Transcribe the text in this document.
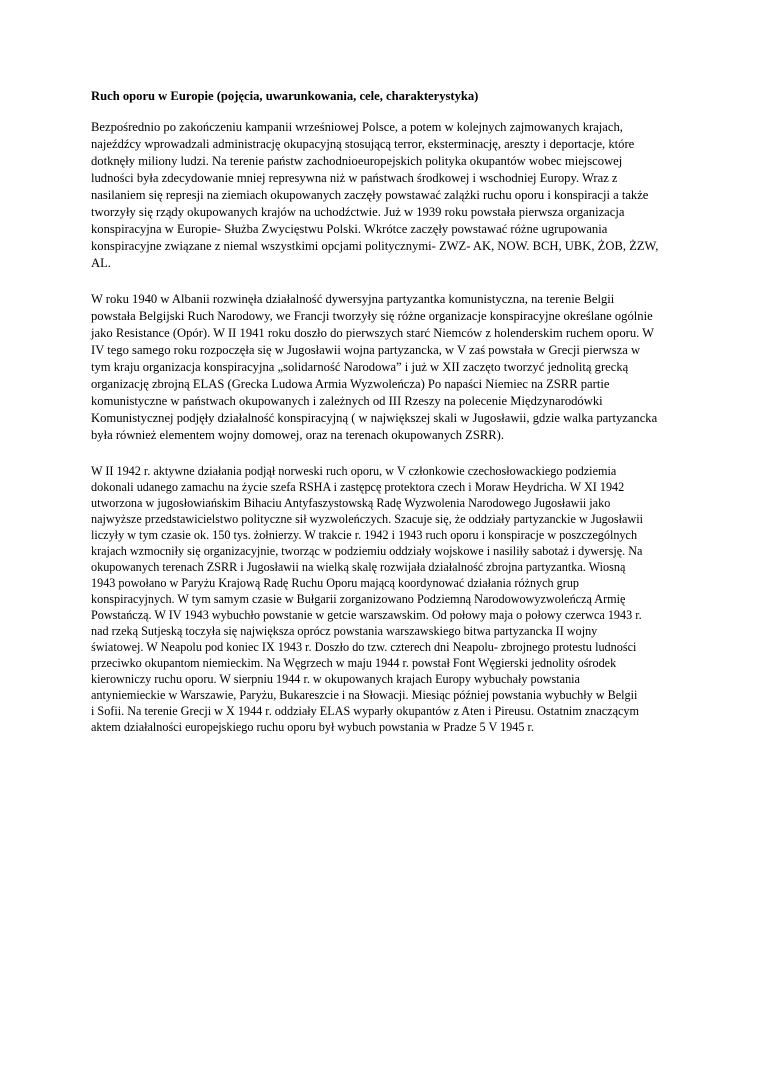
Ruch oporu w Europie (pojęcia, uwarunkowania, cele, charakterystyka)
Bezpośrednio po zakończeniu kampanii wrześniowej Polsce, a potem w kolejnych zajmowanych krajach,
najeźdźcy wprowadzali administrację okupacyjną stosującą terror, eksterminację, aresztу i deportacje, które
dotknęły miliony ludzi. Na terenie państw zachodnioeuropejskich polityka okupantów wobec miejscowej
ludności była zdecydowanie mniej represywna niż w państwach środkowej i wschodniej Europy. Wraz z
nasilaniem się represji na ziemiach okupowanych zaczęły powstawać zalążki ruchu oporu i konspiracji a także
tworzyły się rządy okupowanych krajów na uchodźctwie. Już w 1939 roku powstała pierwsza organizacja
konspiracyjna w Europie- Służba Zwycięstwu Polski. Wkrótce zaczęły powstawać różne ugrupowania
konspiracyjne związane z niemal wszystkimi opcjami politycznymi- ZWZ- AK, NOW. BCH, UBK, ŻOB, ŻZW,
AL.
W roku 1940 w Albanii rozwinęła działalność dywersyjna partyzantka komunistyczna, na terenie Belgii
powstała Belgijski Ruch Narodowy, we Francji tworzyły się różne organizacje konspiracyjne określane ogólnie
jako Resistance (Opór). W II 1941 roku doszło do pierwszych starć Niemców z holenderskim ruchem oporu. W
IV tego samego roku rozpoczęła się w Jugosławii wojna partyzancka, w V zaś powstała w Grecji pierwsza w
tym kraju organizacja konspiracyjna „solidarność Narodowa” i już w XII zaczęto tworzyć jednolitą grecką
organizację zbrojną ELAS (Grecka Ludowa Armia Wyzwoleńcza) Po napaści Niemiec na ZSRR partie
komunistyczne w państwach okupowanych i zależnych od III Rzeszy na polecenie Międzynarodówki
Komunistycznej podjęły działalność konspiracyjną ( w największej skali w Jugosławii, gdzie walka partyzancka
była również elementem wojny domowej, oraz na terenach okupowanych ZSRR).
W II 1942 r. aktywne działania podjął norweski ruch oporu, w V członkowie czechosłowackiego podziemia
dokonali udanego zamachu na życie szefa RSHA i zastępcę protektora czech i Moraw Heydricha. W XI 1942
utworzona w jugosłowiańskim Bihaciu Antyfaszystowską Radę Wyzwolenia Narodowego Jugosławii jako
najwyższe przedstawicielstwo polityczne sił wyzwoleńczych. Szacuje się, że oddziały partyzanckie w Jugosławii
liczyły w tym czasie ok. 150 tys. żołnierzy. W trakcie r. 1942 i 1943 ruch oporu i konspiracje w poszczególnych
krajach wzmocniły się organizacyjnie, tworząc w podziemiu oddziały wojskowe i nasiliły sabotaż i dywersję. Na
okupowanych terenach ZSRR i Jugosławii na wielką skalę rozwijała działalność zbrojna partyzantka. Wiosną
1943 powołano w Paryżu Krajową Radę Ruchu Oporu mającą koordynować działania różnych grup
konspiracyjnych. W tym samym czasie w Bułgarii zorganizowano Podziemną Narodowowyzwoleńczą Armię
Powstańczą. W IV 1943 wybuchło powstanie w getcie warszawskim. Od połowy maja o połowy czerwca 1943 r.
nad rzeką Sutjeską toczyła się największa oprócz powstania warszawskiego bitwa partyzancka II wojny
światowej. W Neapolu pod koniec IX 1943 r. Doszło do tzw. czterech dni Neapolu- zbrojnego protestu ludności
przeciwko okupantom niemieckim. Na Węgrzech w maju 1944 r. powstał Font Węgierski jednolity ośrodek
kierowniczy ruchu oporu. W sierpniu 1944 r. w okupowanych krajach Europy wybuchały powstania
antyniemieckie w Warszawie, Paryżu, Bukareszcie i na Słowacji. Miesiąc później powstania wybuchły w Belgii
i Sofii. Na terenie Grecji w X 1944 r. oddziały ELAS wyparły okupantów z Aten i Pireusu. Ostatnim znaczącym
aktem działalności europejskiego ruchu oporu był wybuch powstania w Pradze 5 V 1945 r.
